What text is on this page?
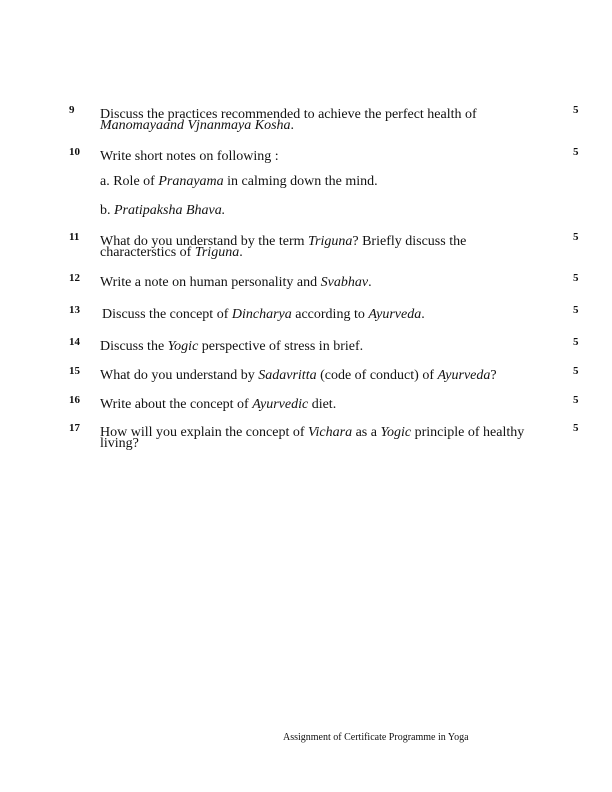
9 Discuss the practices recommended to achieve the perfect health of
Manomayaand Vjnanmaya Kosha.
5
10 Write short notes on following :	5
a. Role of Pranayama in calming down the mind.
b. Pratipaksha Bhava.
11 What do you understand by the term Triguna? Briefly discuss the
characterstics of Triguna.
5
12 Write a note on human personality and Svabhav.	5
13 Discuss the concept of Dincharya according to Ayurveda.	5
14 Discuss the Yogic perspective of stress in brief.	5
15 What do you understand by Sadavritta (code of conduct) of Ayurveda?	5
16 Write about the concept of Ayurvedic diet.	5
17 How will you explain the concept of Vichara as a Yogic principle of healthy
living?
5
Assignment of Certificate Programme in Yoga
